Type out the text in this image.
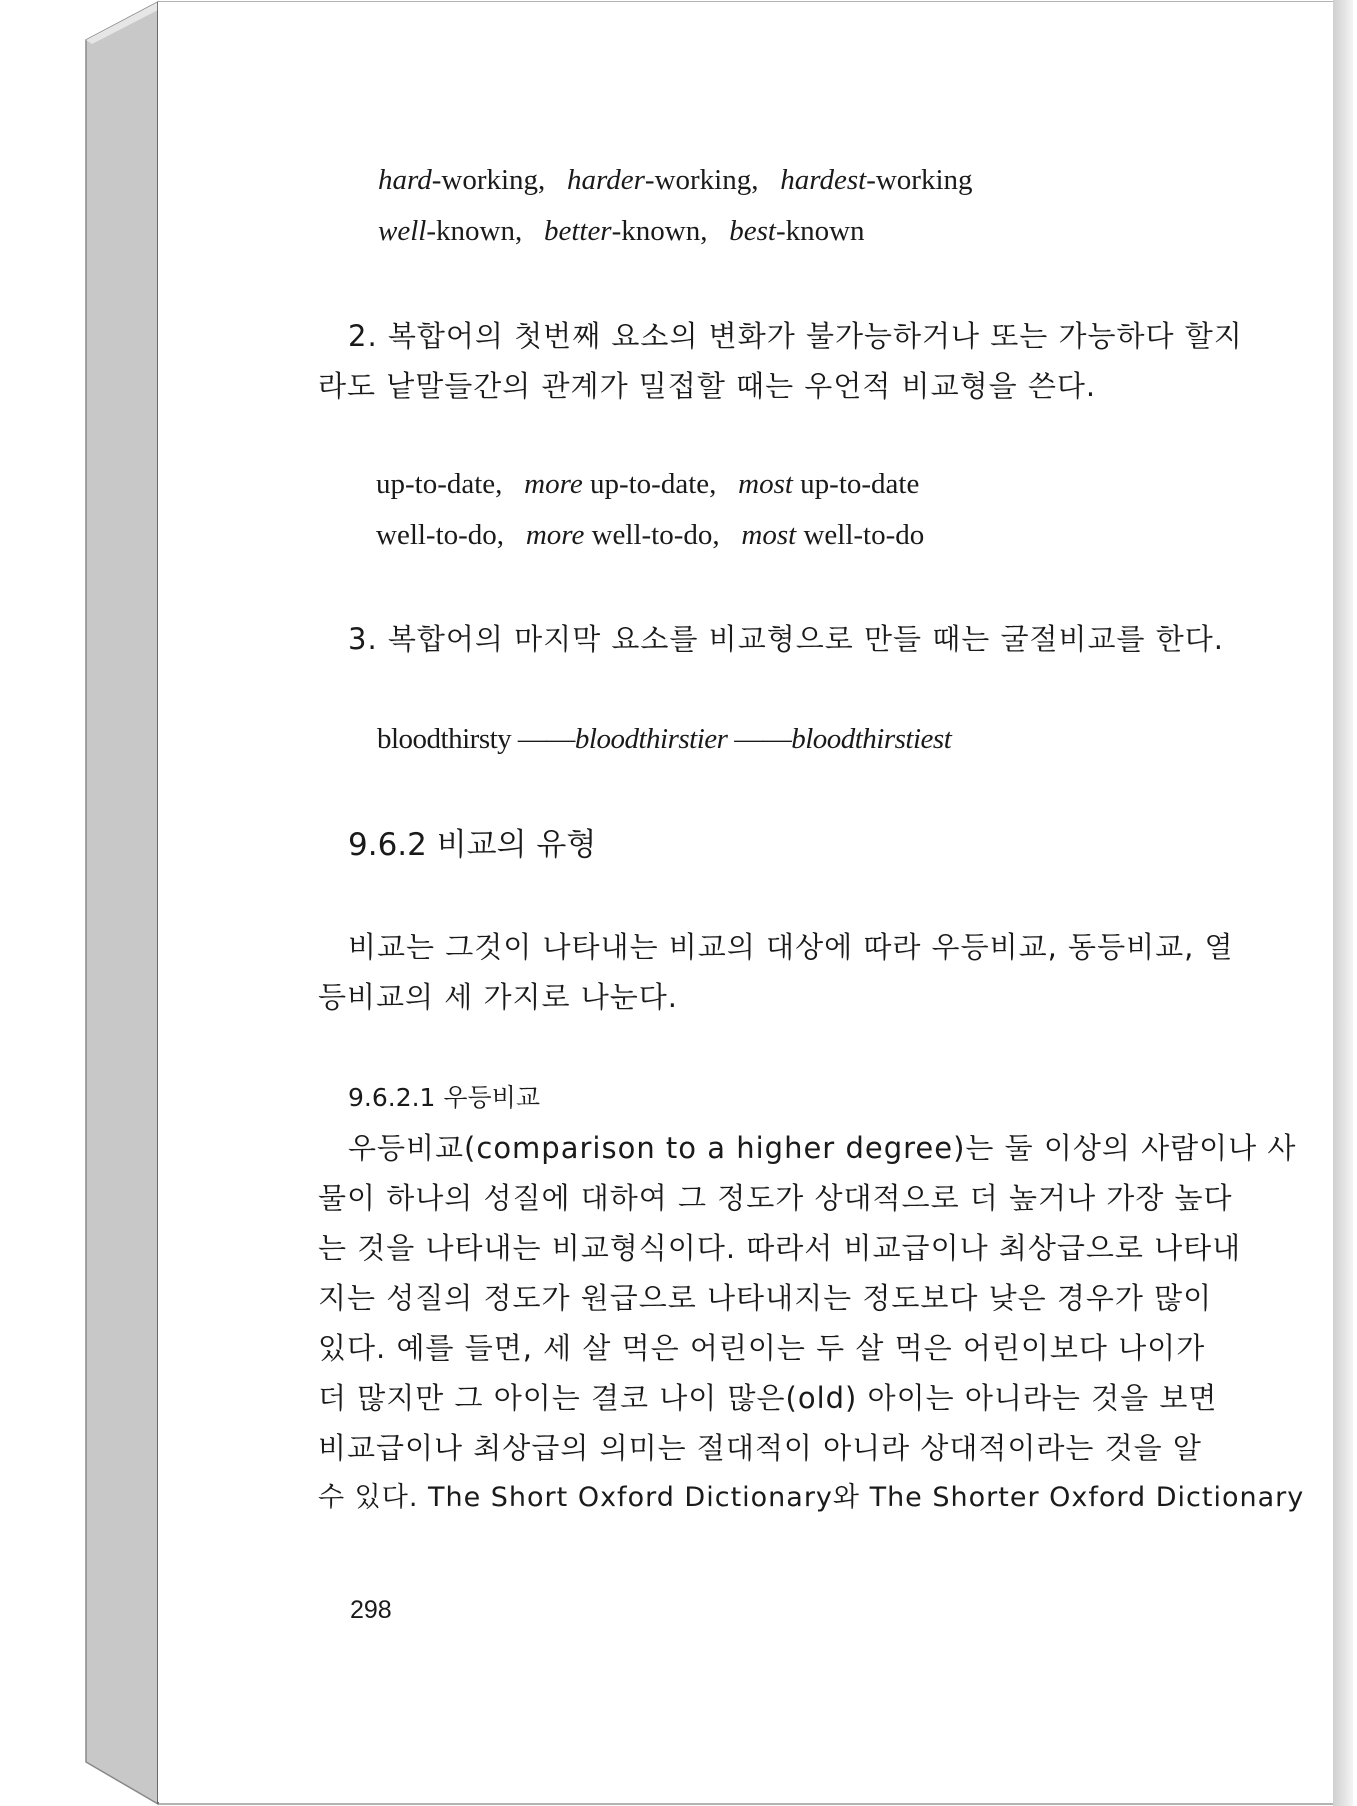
hard-working, harder-working, hardest-working
well-known, better-known, best-known
2. 복합어의 첫번째 요소의 변화가 불가능하거나 또는 가능하다 할지
라도 낱말들간의 관계가 밀접할 때는 우언적 비교형을 쓴다.
up-to-date, more up-to-date, most up-to-date
well-to-do, more well-to-do, most well-to-do
3. 복합어의 마지막 요소를 비교형으로 만들 때는 굴절비교를 한다.
bloodthirsty ——bloodthirstier ——bloodthirstiest
9.6.2 비교의 유형
비교는 그것이 나타내는 비교의 대상에 따라 우등비교, 동등비교, 열
등비교의 세 가지로 나눈다.
9.6.2.1 우등비교
우등비교(comparison to a higher degree)는 둘 이상의 사람이나 사
물이 하나의 성질에 대하여 그 정도가 상대적으로 더 높거나 가장 높다
는 것을 나타내는 비교형식이다. 따라서 비교급이나 최상급으로 나타내
지는 성질의 정도가 원급으로 나타내지는 정도보다 낮은 경우가 많이
있다. 예를 들면, 세 살 먹은 어린이는 두 살 먹은 어린이보다 나이가
더 많지만 그 아이는 결코 나이 많은(old) 아이는 아니라는 것을 보면
비교급이나 최상급의 의미는 절대적이 아니라 상대적이라는 것을 알
수 있다. The Short Oxford Dictionary와 The Shorter Oxford Dictionary
298
